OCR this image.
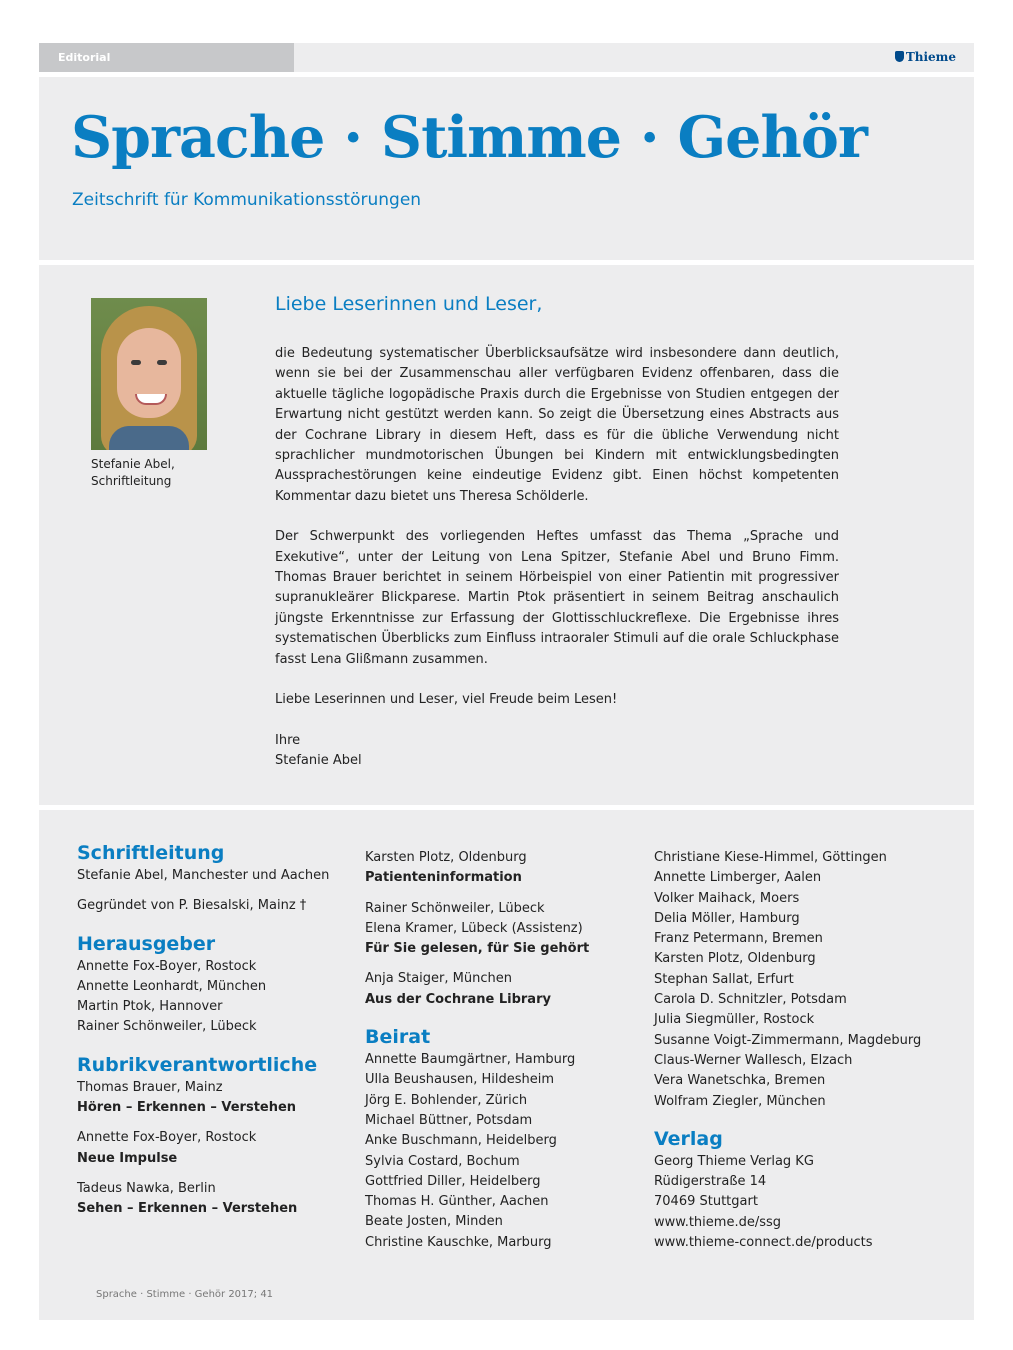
Editorial	Thieme
Sprache · Stimme · Gehör
Zeitschrift für Kommunikationsstörungen
Stefanie Abel,
Schriftleitung
Liebe Leserinnen und Leser,

die Bedeutung systematischer Überblicksaufsätze wird insbesondere dann deutlich, wenn sie bei der Zusammenschau aller verfügbaren Evidenz offenbaren, dass die aktuelle tägliche logopädische Praxis durch die Ergebnisse von Studien entgegen der Erwartung nicht gestützt werden kann. So zeigt die Übersetzung eines Abstracts aus der Cochrane Library in diesem Heft, dass es für die übliche Verwendung nicht sprachlicher mundmotorischen Übungen bei Kindern mit entwicklungsbedingten Aussprachestörungen keine eindeutige Evidenz gibt. Einen höchst kompetenten Kommentar dazu bietet uns Theresa Schölderle.

Der Schwerpunkt des vorliegenden Heftes umfasst das Thema „Sprache und Exekutive“, unter der Leitung von Lena Spitzer, Stefanie Abel und Bruno Fimm. Thomas Brauer berichtet in seinem Hörbeispiel von einer Patientin mit progressiver supranukleärer Blickparese. Martin Ptok präsentiert in seinem Beitrag anschaulich jüngste Erkenntnisse zur Erfassung der Glottisschluckreflexe. Die Ergebnisse ihres systematischen Überblicks zum Einfluss intraoraler Stimuli auf die orale Schluckphase fasst Lena Glißmann zusammen.

Liebe Leserinnen und Leser, viel Freude beim Lesen!

Ihre

Stefanie Abel

Schriftleitung
Stefanie Abel, Manchester und Aachen
Gegründet von P. Biesalski, Mainz †
Herausgeber
Annette Fox-Boyer, Rostock
Annette Leonhardt, München
Martin Ptok, Hannover
Rainer Schönweiler, Lübeck
Rubrikverantwortliche
Thomas Brauer, Mainz
Hören – Erkennen – Verstehen
Annette Fox-Boyer, Rostock
Neue Impulse
Tadeus Nawka, Berlin
Sehen – Erkennen – Verstehen
Karsten Plotz, Oldenburg
Patienteninformation
Rainer Schönweiler, Lübeck
Elena Kramer, Lübeck (Assistenz)
Für Sie gelesen, für Sie gehört
Anja Staiger, München
Aus der Cochrane Library
Beirat
Annette Baumgärtner, Hamburg
Ulla Beushausen, Hildesheim
Jörg E. Bohlender, Zürich
Michael Büttner, Potsdam
Anke Buschmann, Heidelberg
Sylvia Costard, Bochum
Gottfried Diller, Heidelberg
Thomas H. Günther, Aachen
Beate Josten, Minden
Christine Kauschke, Marburg
Christiane Kiese-Himmel, Göttingen
Annette Limberger, Aalen
Volker Maihack, Moers
Delia Möller, Hamburg
Franz Petermann, Bremen
Karsten Plotz, Oldenburg
Stephan Sallat, Erfurt
Carola D. Schnitzler, Potsdam
Julia Siegmüller, Rostock
Susanne Voigt-Zimmermann, Magdeburg
Claus-Werner Wallesch, Elzach
Vera Wanetschka, Bremen
Wolfram Ziegler, München
Verlag
Georg Thieme Verlag KG
Rüdigerstraße 14
70469 Stuttgart
www.thieme.de/ssg
www.thieme-connect.de/products
Sprache · Stimme · Gehör 2017; 41
